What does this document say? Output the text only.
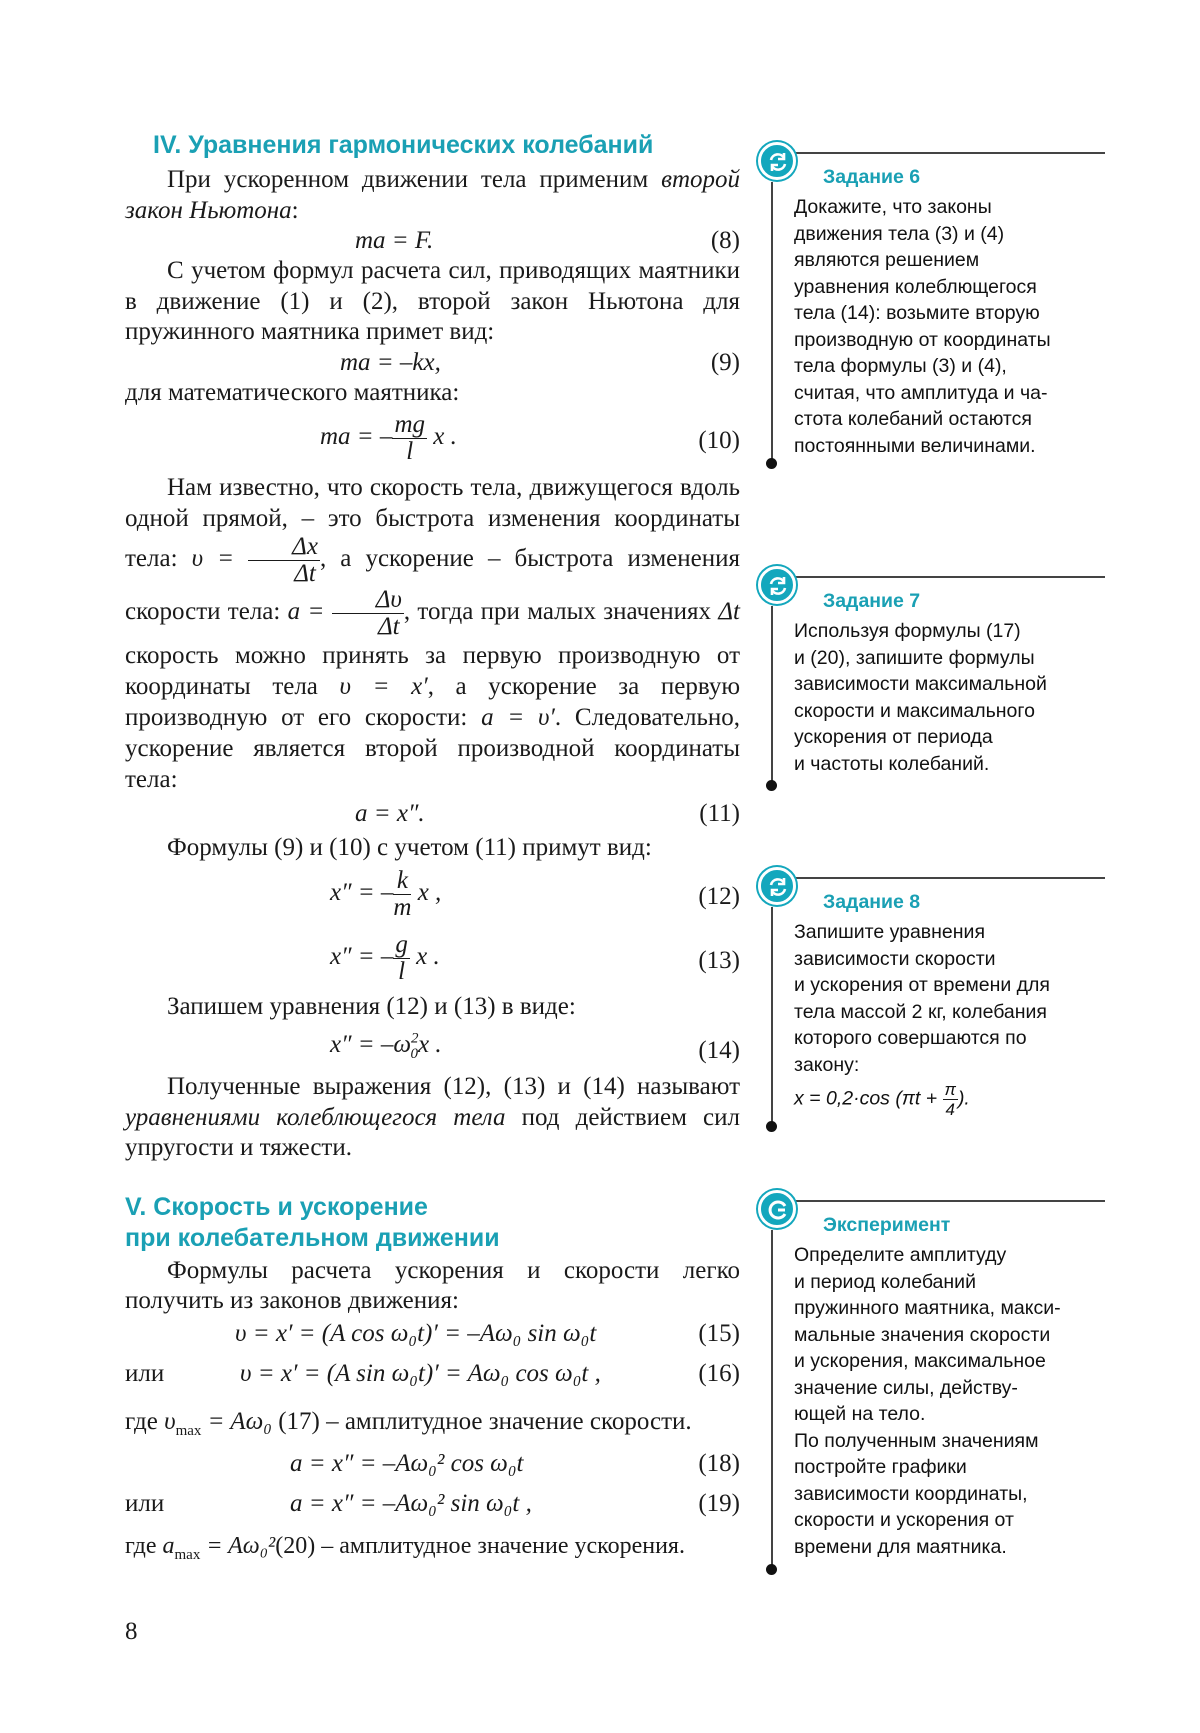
IV. Уравнения гармонических колебаний

При ускоренном движении тела применим второй закон Ньютона:

ma = F.	(8)

С учетом формул расчета сил, приводящих маятники в движение (1) и (2), второй закон Ньютона для пружинного маятника примет вид:

ma = –kx,	(9)

для математического маятника:

ma = – $\frac{mg}{l}$ x .	(10)

Нам известно, что скорость тела, движущегося вдоль одной прямой, – это быстрота изменения координаты тела: $\upsilon = \frac{\Delta x}{\Delta t}$ , а ускорение – быстрота изменения скорости тела: $a = \frac{\Delta\upsilon}{\Delta t}$ , тогда при малых значениях Δt скорость можно принять за первую производную от координаты тела υ = x′, а ускорение за первую производную от его скорости: a = υ′. Следовательно, ускорение является второй производной координаты тела:

a = x″.	(11)

Формулы (9) и (10) с учетом (11) примут вид:

x″ = – $\frac{k}{m}$ x ,	(12)
x″ = – $\frac{g}{l}$ x .	(13)

Запишем уравнения (12) и (13) в виде:

$x'' = -\omega^2_0x$ .	(14)

Полученные выражения (12), (13) и (14) называют уравнениями колеблющегося тела под действием сил упругости и тяжести.

V. Скорость и ускорение
при колебательном движении

Формулы расчета ускорения и скорости легко получить из законов движения:

υ = x′ = (A cos ω₀t)′ = –Aω₀ sin ω₀t	(15)
или	υ = x′ = (A sin ω₀t)′ = Aω₀ cos ω₀t ,	(16)

где $\upsilon_{max} = A\omega_0$ (17) – амплитудное значение скорости.

a = x″ = –Aω₀² cos ω₀t	(18)
или	a = x″ = –Aω₀² sin ω₀t ,	(19)

где $a_{max} = A\omega_0^2(20)$ – амплитудное значение ускорения.

Задание 6
Докажите, что законы
движения тела (3) и (4)
являются решением
уравнения колеблющегося
тела (14): возьмите вторую
производную от координаты
тела формулы (3) и (4),
считая, что амплитуда и ча-
стота колебаний остаются
постоянными величинами.
Задание 7
Используя формулы (17)
и (20), запишите формулы
зависимости максимальной
скорости и максимального
ускорения от периода
и частоты колебаний.
Задание 8
Запишите уравнения
зависимости скорости
и ускорения от времени для
тела массой 2 кг, колебания
которого совершаются по
закону:
x = 0,2·cos ($\pi t + \frac{\pi}{4}$ ).
Эксперимент
Определите амплитуду
и период колебаний
пружинного маятника, макси-
мальные значения скорости
и ускорения, максимальное
значение силы, действу-
ющей на тело.
По полученным значениям
постройте графики
зависимости координаты,
скорости и ускорения от
времени для маятника.
8
